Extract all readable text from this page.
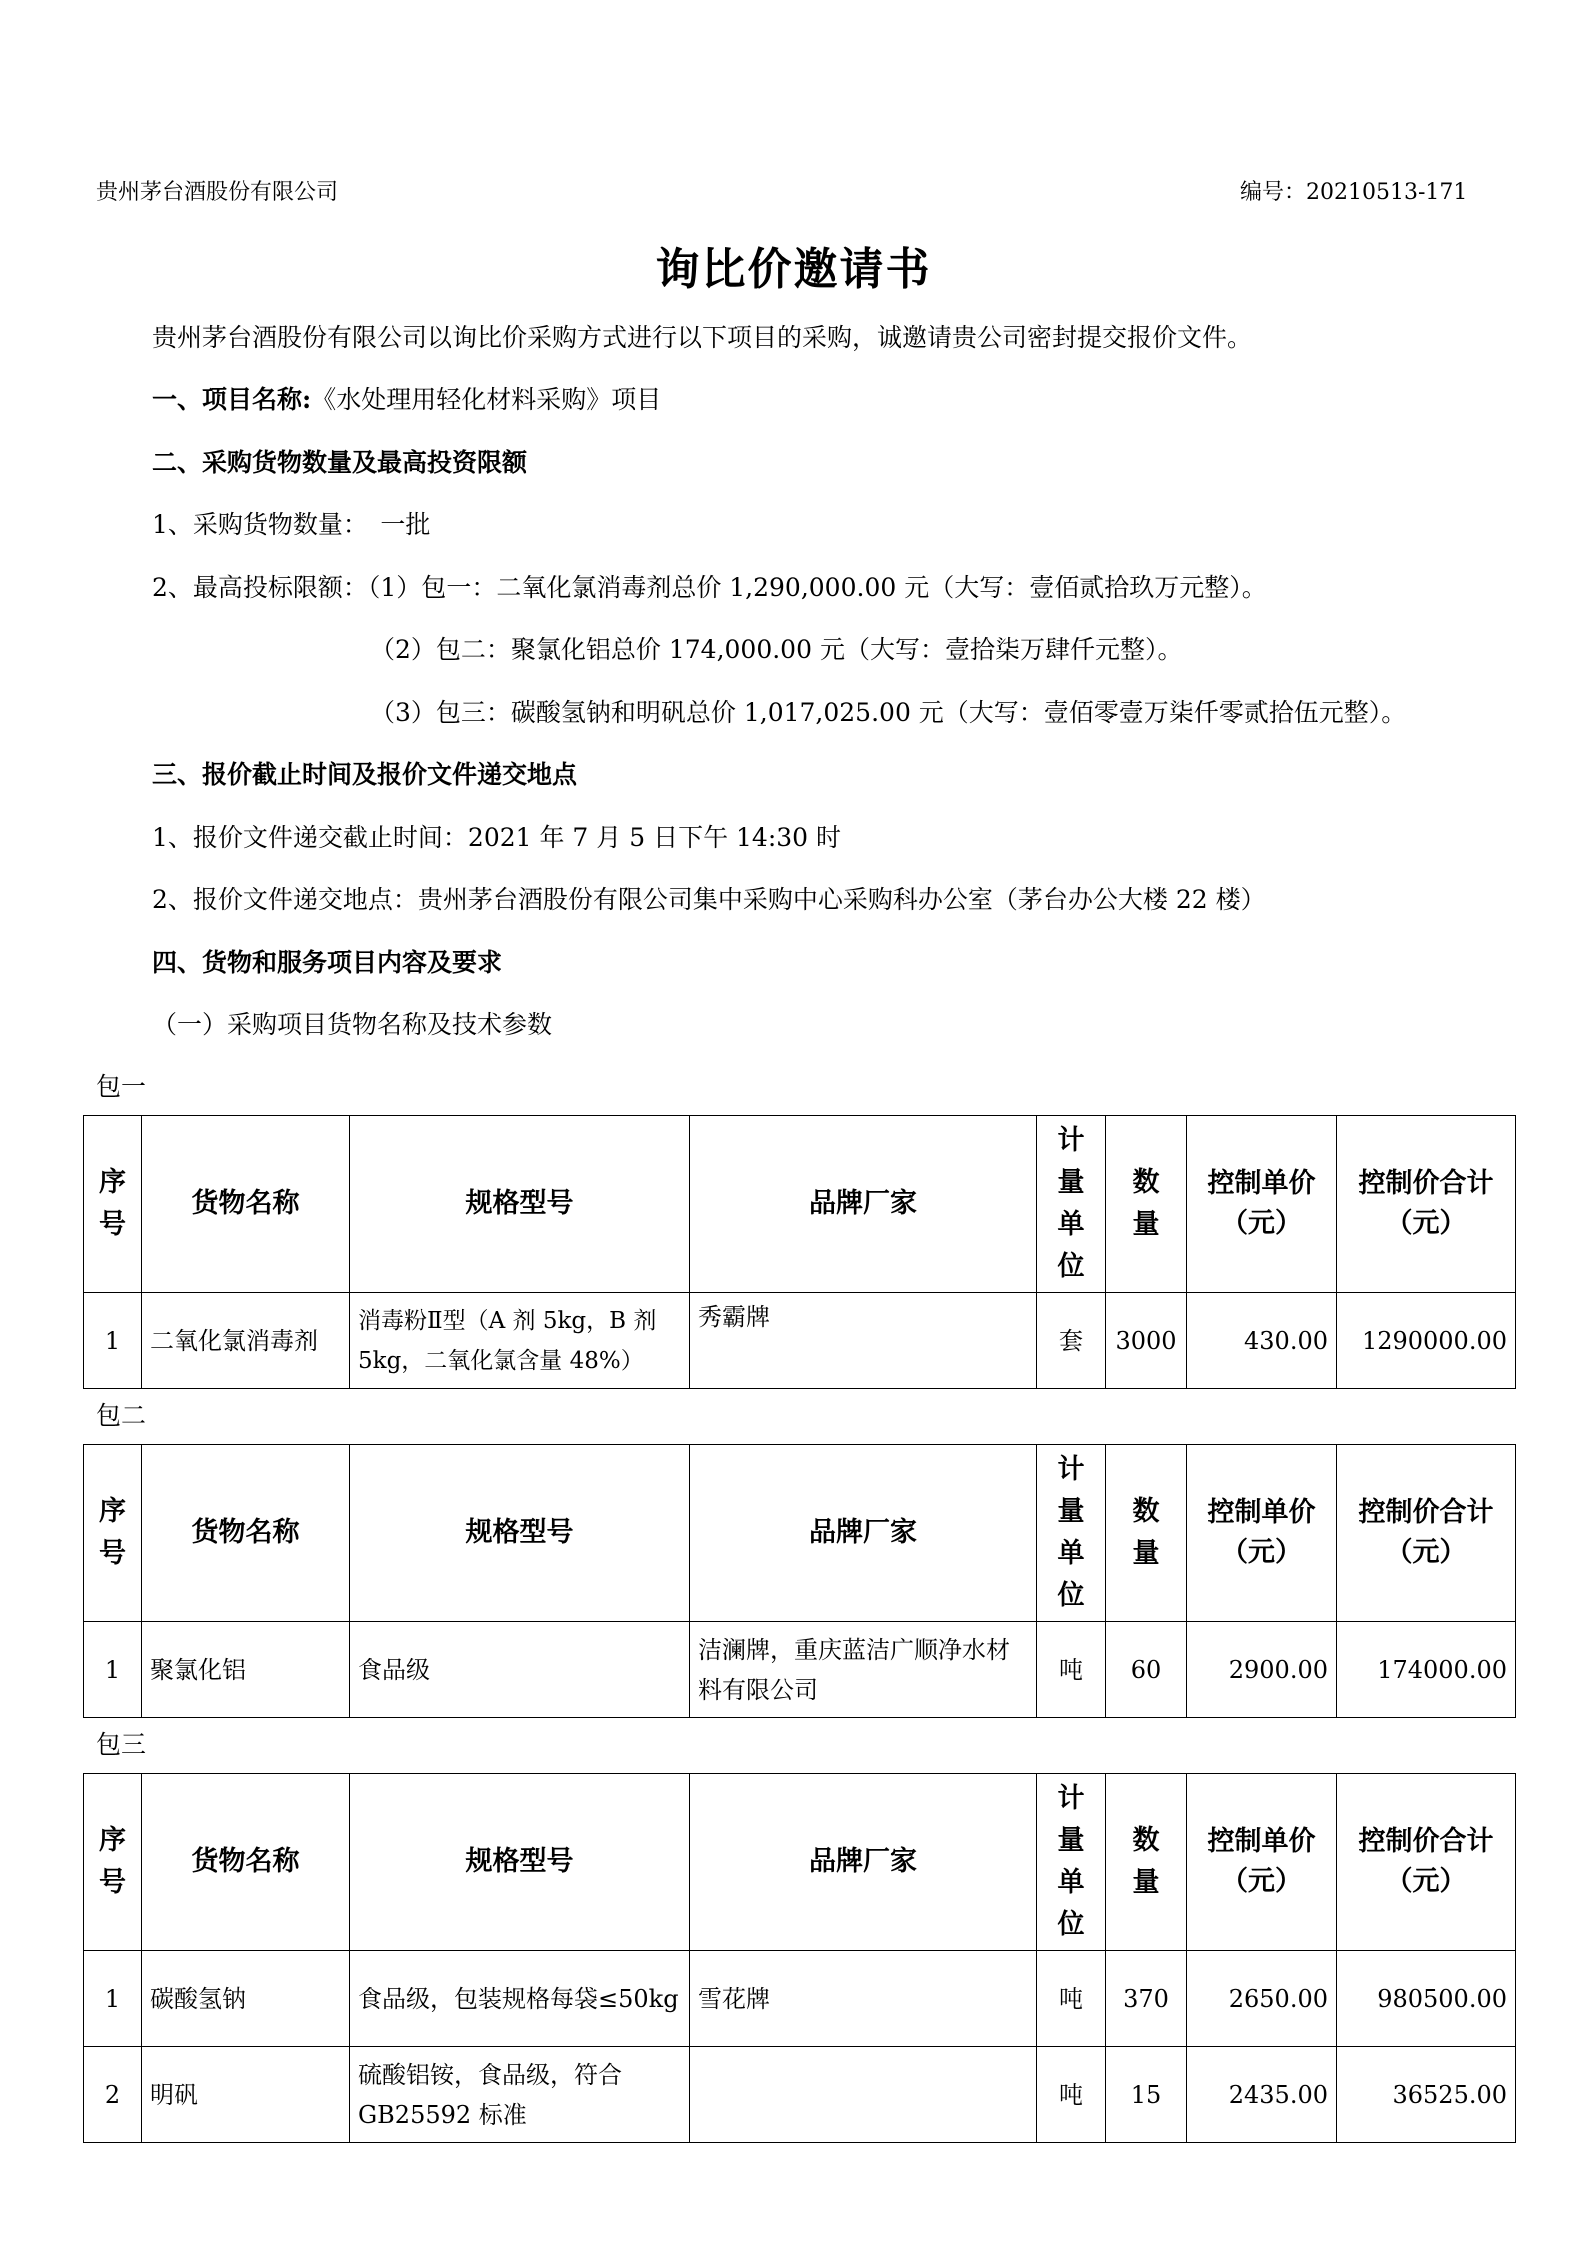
贵州茅台酒股份有限公司	编号：20210513-171
询比价邀请书
贵州茅台酒股份有限公司以询比价采购方式进行以下项目的采购，诚邀请贵公司密封提交报价文件。
一、项目名称:《水处理用轻化材料采购》项目
二、采购货物数量及最高投资限额
1、采购货物数量：　一批
2、最高投标限额：（1）包一：二氧化氯消毒剂总价 1,290,000.00 元（大写：壹佰贰拾玖万元整）。
（2）包二：聚氯化铝总价 174,000.00 元（大写：壹拾柒万肆仟元整）。
（3）包三：碳酸氢钠和明矾总价 1,017,025.00 元（大写：壹佰零壹万柒仟零贰拾伍元整）。
三、报价截止时间及报价文件递交地点
1、报价文件递交截止时间：2021 年 7 月 5 日下午 14:30 时
2、报价文件递交地点：贵州茅台酒股份有限公司集中采购中心采购科办公室（茅台办公大楼 22 楼）
四、货物和服务项目内容及要求
（一）采购项目货物名称及技术参数
包一
序号	货物名称	规格型号	品牌厂家	计量单位	数量	控制单价（元）	控制价合计（元）
1	二氧化氯消毒剂	消毒粉Ⅱ型（A 剂 5kg，B 剂 5kg，二氧化氯含量 48%）	秀霸牌	套	3000	430.00	1290000.00
包二
序号	货物名称	规格型号	品牌厂家	计量单位	数量	控制单价（元）	控制价合计（元）
1	聚氯化铝	食品级	洁澜牌，重庆蓝洁广顺净水材料有限公司	吨	60	2900.00	174000.00
包三
序号	货物名称	规格型号	品牌厂家	计量单位	数量	控制单价（元）	控制价合计（元）
1	碳酸氢钠	食品级，包装规格每袋≤50kg	雪花牌	吨	370	2650.00	980500.00
2	明矾	硫酸铝铵，食品级，符合 GB25592 标准		吨	15	2435.00	36525.00
